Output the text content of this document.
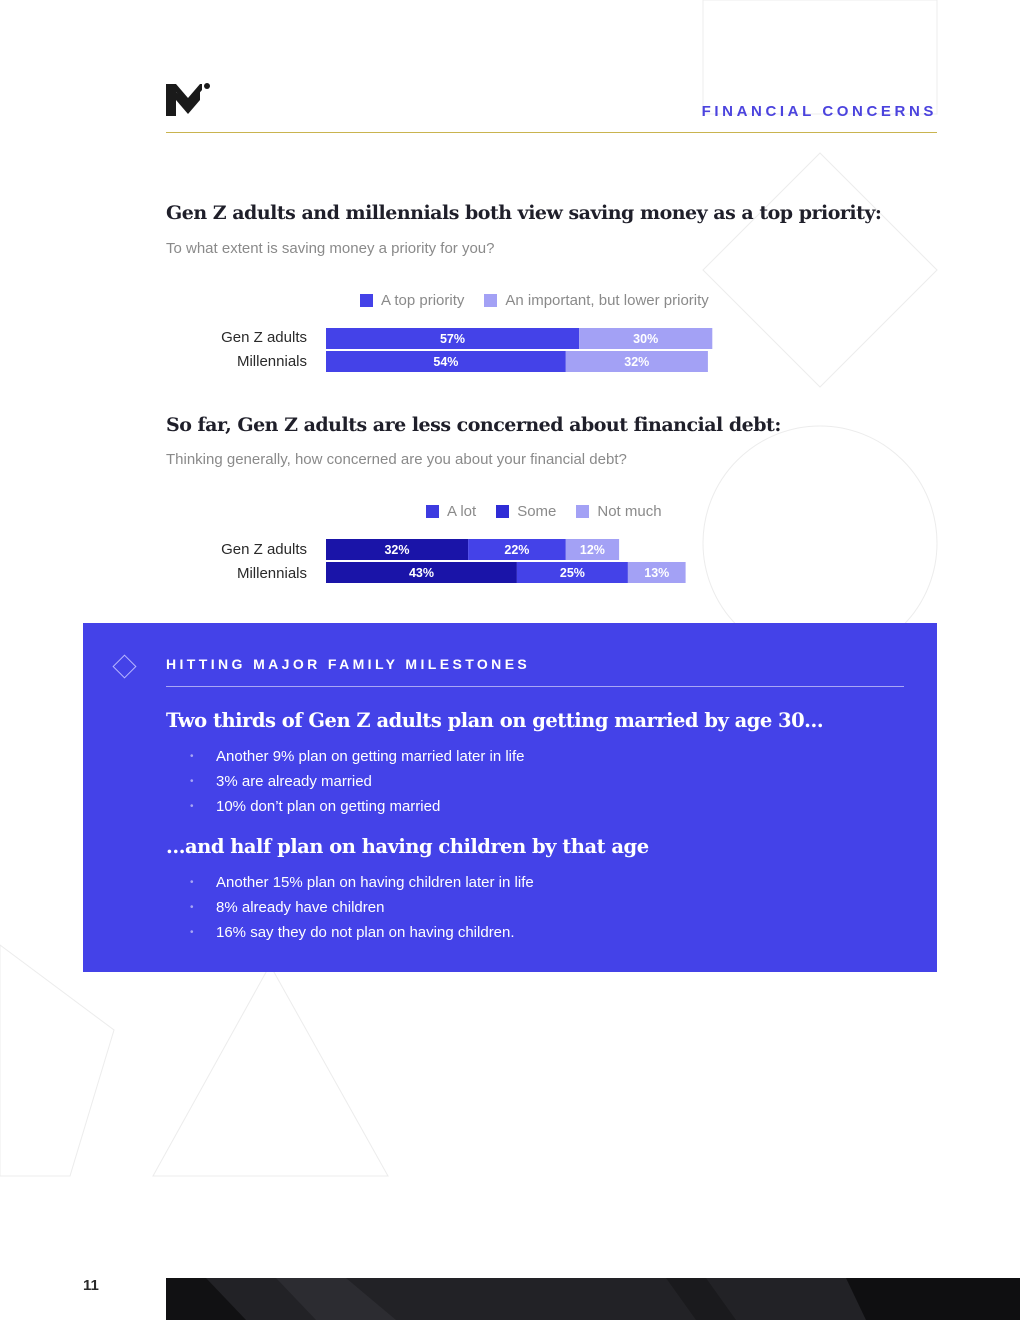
FINANCIAL CONCERNS
Gen Z adults and millennials both view saving money as a top priority:
To what extent is saving money a priority for you?
A top priority	An important, but lower priority
Gen Z adults
Millennials
57%	30%
54%	32%
So far, Gen Z adults are less concerned about financial debt:
Thinking generally, how concerned are you about your financial debt?
A lot	Some	Not much
Gen Z adults
Millennials
32%	22%	12%
43%	25%	13%
HITTING MAJOR FAMILY MILESTONES
Two thirds of Gen Z adults plan on getting married by age 30…
• Another 9% plan on getting married later in life
• 3% are already married
• 10% don’t plan on getting married
…and half plan on having children by that age
• Another 15% plan on having children later in life
• 8% already have children
• 16% say they do not plan on having children.
11
